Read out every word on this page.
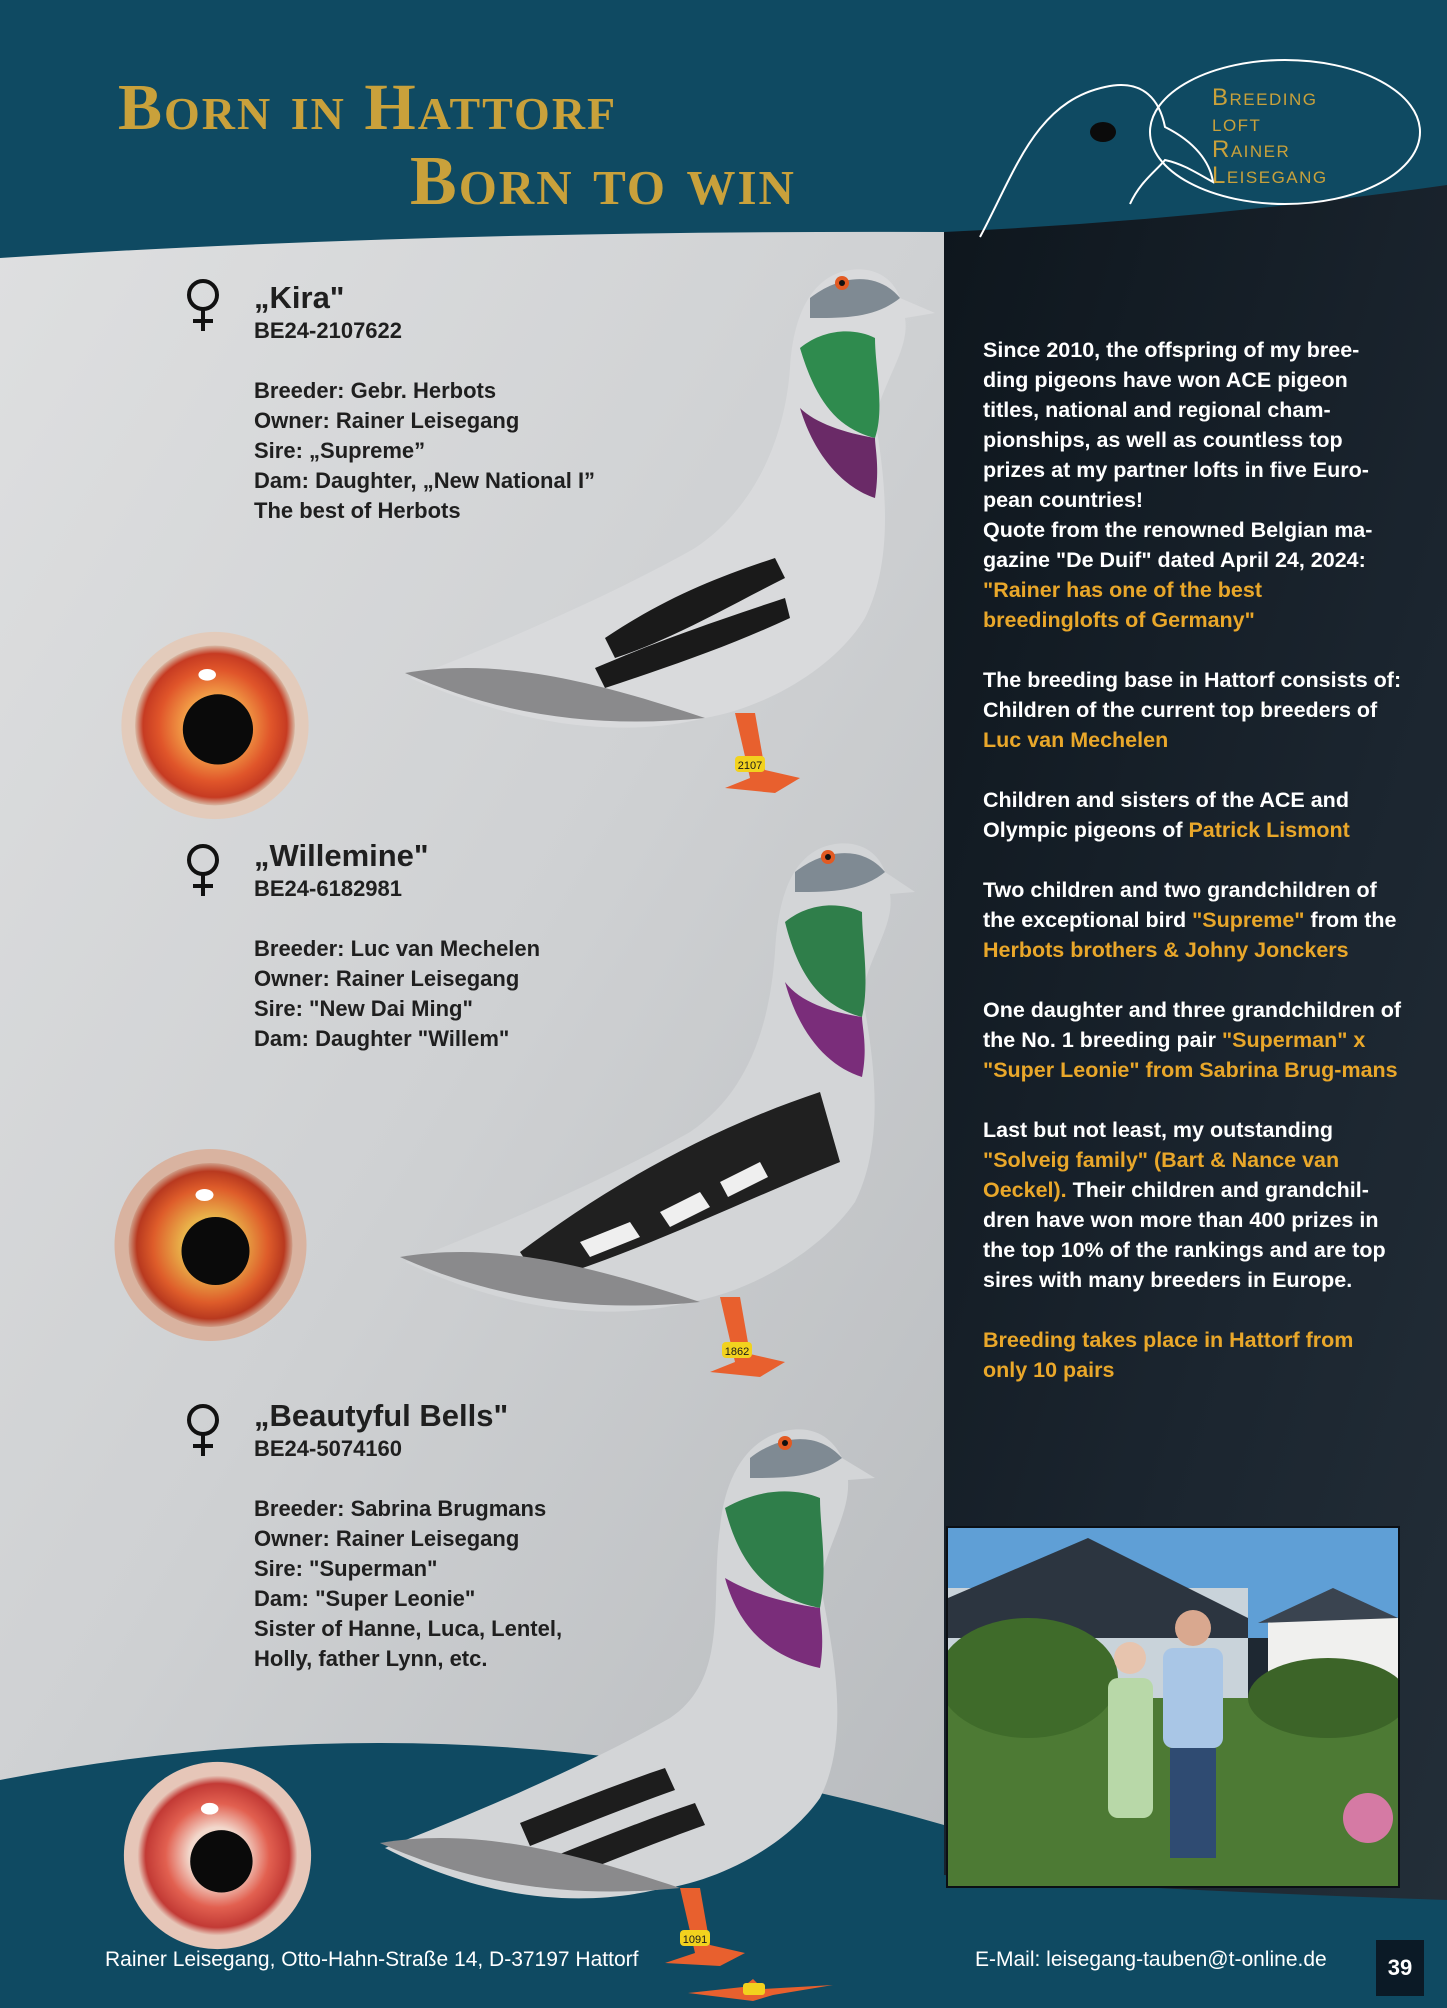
Born in Hattorf
Born to win
Breeding
loft
Rainer
Leisegang
„Kira"
BE24-2107622
Breeder: Gebr. Herbots
Owner: Rainer Leisegang
Sire: „Supreme”
Dam: Daughter, „New National I”
The best of Herbots
2107
„Willemine"
BE24-6182981
Breeder: Luc van Mechelen
Owner: Rainer Leisegang
Sire: "New Dai Ming"
Dam: Daughter "Willem"
1862
„Beautyful Bells"
BE24-5074160
Breeder: Sabrina Brugmans
Owner: Rainer Leisegang
Sire: "Superman"
Dam: "Super Leonie"
Sister of Hanne, Luca, Lentel,
Holly, father Lynn, etc.
1091

Since 2010, the offspring of my bree-ding pigeons have won ACE pigeon titles, national and regional cham-pionships, as well as countless top prizes at my partner lofts in five Euro-pean countries!
Quote from the renowned Belgian ma-gazine "De Duif" dated April 24, 2024: "Rainer has one of the best breedinglofts of Germany"

The breeding base in Hattorf consists of:
Children of the current top breeders of Luc van Mechelen

Children and sisters of the ACE and Olympic pigeons of Patrick Lismont

Two children and two grandchildren of the exceptional bird "Supreme" from the Herbots brothers & Johny Jonckers

One daughter and three grandchildren of the No. 1 breeding pair "Superman" x "Super Leonie" from Sabrina Brug-mans

Last but not least, my outstanding "Solveig family" (Bart & Nance van Oeckel). Their children and grandchil-dren have won more than 400 prizes in the top 10% of the rankings and are top sires with many breeders in Europe.

Breeding takes place in Hattorf from only 10 pairs

Rainer Leisegang, Otto-Hahn-Straße 14, D-37197 Hattorf	E-Mail: leisegang-tauben@t-online.de	39
